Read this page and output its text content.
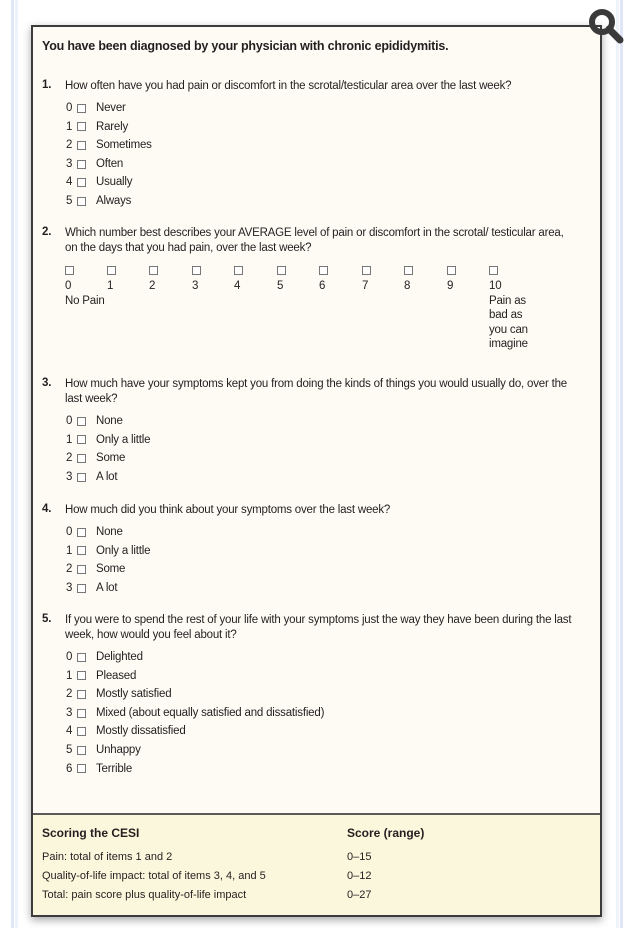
You have been diagnosed by your physician with chronic epididymitis.
1. How often have you had pain or discomfort in the scrotal/testicular area over the last week?
0 Never
1 Rarely
2 Sometimes
3 Often
4 Usually
5 Always
2. Which number best describes your AVERAGE level of pain or discomfort in the scrotal/ testicular area, on the days that you had pain, over the last week?
0
No Pain
1	2	3	4	5	6	7	8	9	10
Pain as bad as you can imagine
3. How much have your symptoms kept you from doing the kinds of things you would usually do, over the last week?
0 None
1 Only a little
2 Some
3 A lot
4. How much did you think about your symptoms over the last week?
0 None
1 Only a little
2 Some
3 A lot
5. If you were to spend the rest of your life with your symptoms just the way they have been during the last week, how would you feel about it?
0 Delighted
1 Pleased
2 Mostly satisfied
3 Mixed (about equally satisfied and dissatisfied)
4 Mostly dissatisfied
5 Unhappy
6 Terrible
Scoring the CESI	Score (range)
Pain: total of items 1 and 2	0–15
Quality-of-life impact: total of items 3, 4, and 5	0–12
Total: pain score plus quality-of-life impact	0–27
